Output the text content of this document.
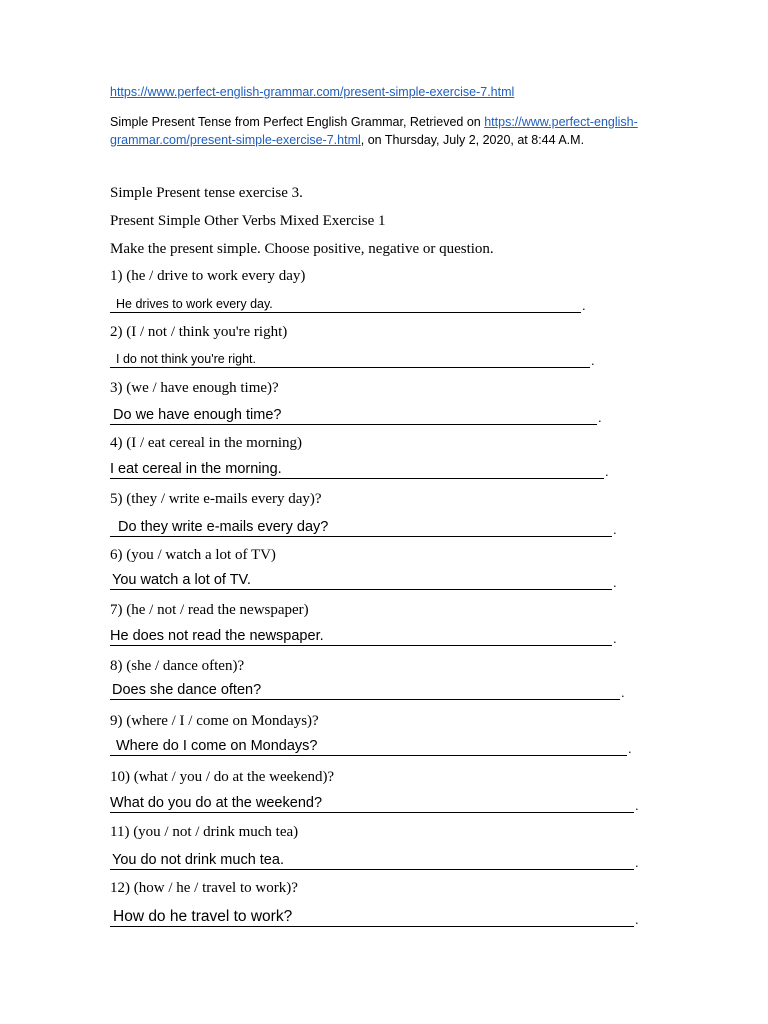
https://www.perfect-english-grammar.com/present-simple-exercise-7.html
Simple Present Tense from Perfect English Grammar, Retrieved on https://www.perfect-english-grammar.com/present-simple-exercise-7.html, on Thursday, July 2, 2020, at 8:44 A.M.
Simple Present tense exercise 3.
Present Simple Other Verbs Mixed Exercise 1
Make the present simple. Choose positive, negative or question.
1) (he / drive to work every day)
He drives to work every day.	.
2) (I / not / think you're right)
I do not think you're right.	.
3) (we / have enough time)?
Do we have enough time?	.
4) (I / eat cereal in the morning)
I eat cereal in the morning.	.
5) (they / write e-mails every day)?
Do they write e-mails every day?	.
6) (you / watch a lot of TV)
You watch a lot of TV.	.
7) (he / not / read the newspaper)
He does not read the newspaper.	.
8) (she / dance often)?
Does she dance often?	.
9) (where / I / come on Mondays)?
Where do I come on Mondays?	.
10) (what / you / do at the weekend)?
What do you do at the weekend?	.
11) (you / not / drink much tea)
You do not drink much tea.	.
12) (how / he / travel to work)?
How do he travel to work?	.
